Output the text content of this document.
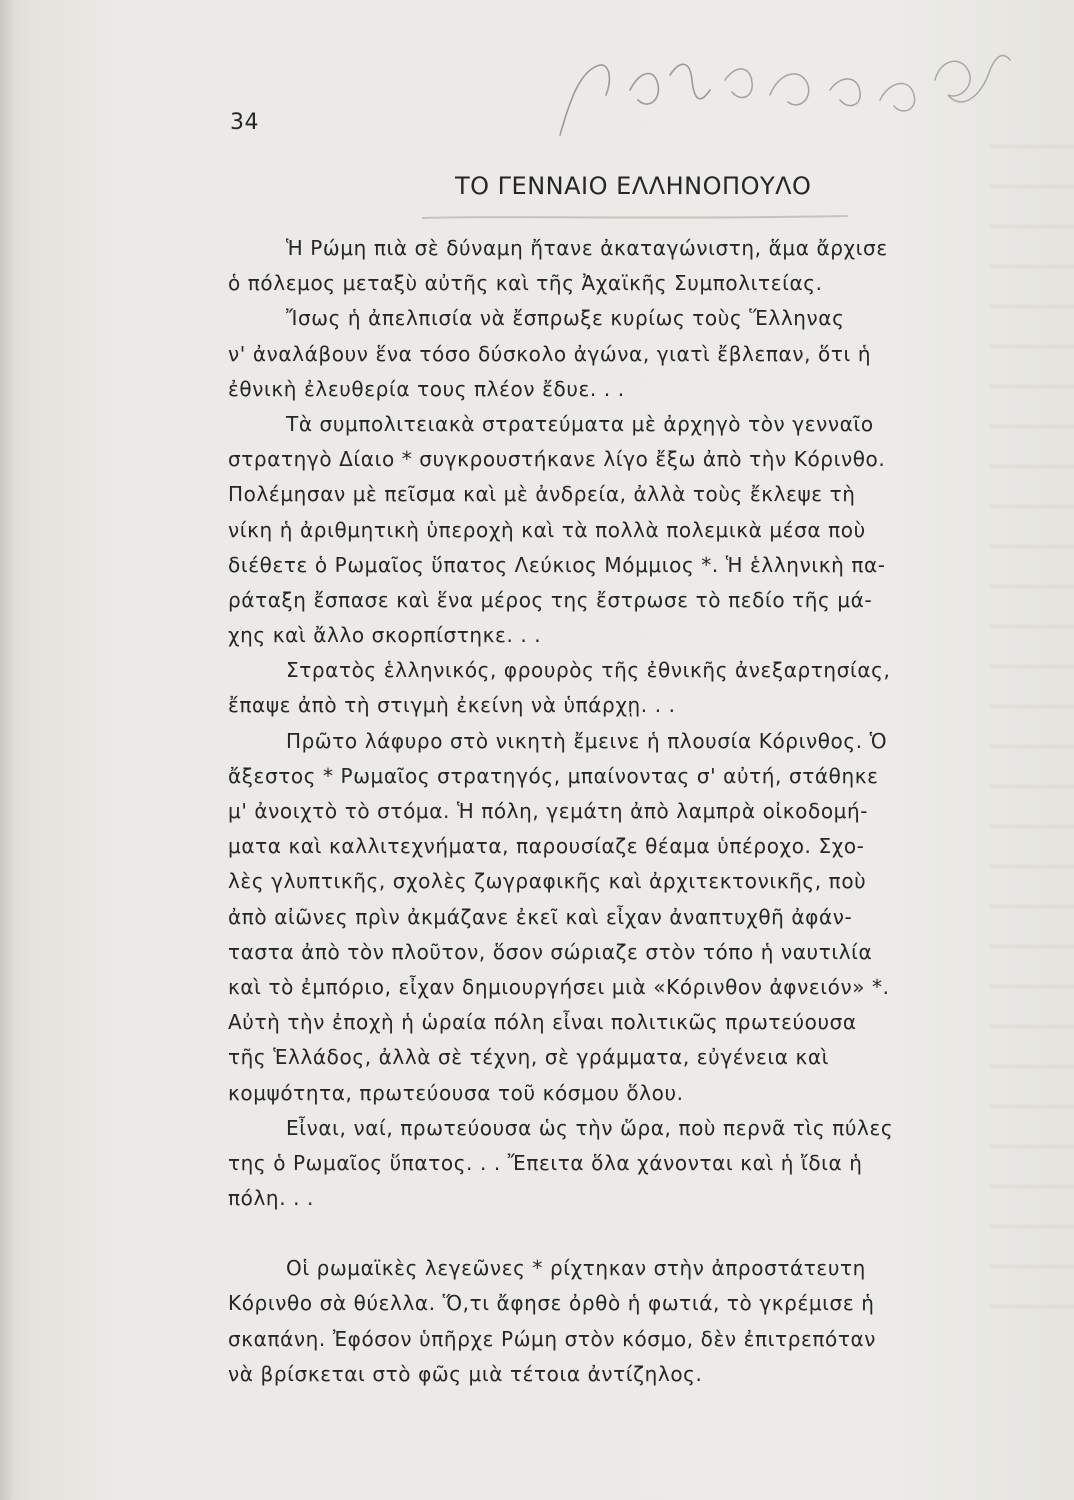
34
ΤΟ ΓΕΝΝΑΙΟ ΕΛΛΗΝΟΠΟΥΛΟ
Ἡ Ρώμη πιὰ σὲ δύναμη ἤτανε ἀκαταγώνιστη, ἅμα ἄρχισε
ὁ πόλεμος μεταξὺ αὐτῆς καὶ τῆς Ἀχαϊκῆς Συμπολιτείας.
Ἴσως ἡ ἀπελπισία νὰ ἔσπρωξε κυρίως τοὺς Ἕλληνας
ν' ἀναλάβουν ἕνα τόσο δύσκολο ἀγώνα, γιατὶ ἔβλεπαν, ὅτι ἡ
ἐθνικὴ ἐλευθερία τους πλέον ἔδυε. . .
Τὰ συμπολιτειακὰ στρατεύματα μὲ ἀρχηγὸ τὸν γενναῖο
στρατηγὸ Δίαιο * συγκρουστήκανε λίγο ἔξω ἀπὸ τὴν Κόρινθο.
Πολέμησαν μὲ πεῖσμα καὶ μὲ ἀνδρεία, ἀλλὰ τοὺς ἔκλεψε τὴ
νίκη ἡ ἀριθμητικὴ ὑπεροχὴ καὶ τὰ πολλὰ πολεμικὰ μέσα ποὺ
διέθετε ὁ Ρωμαῖος ὕπατος Λεύκιος Μόμμιος *. Ἡ ἑλληνικὴ πα-
ράταξη ἔσπασε καὶ ἕνα μέρος της ἔστρωσε τὸ πεδίο τῆς μά-
χης καὶ ἄλλο σκορπίστηκε. . .
Στρατὸς ἑλληνικός, φρουρὸς τῆς ἐθνικῆς ἀνεξαρτησίας,
ἔπαψε ἀπὸ τὴ στιγμὴ ἐκείνη νὰ ὑπάρχῃ. . .
Πρῶτο λάφυρο στὸ νικητὴ ἔμεινε ἡ πλουσία Κόρινθος. Ὁ
ἄξεστος * Ρωμαῖος στρατηγός, μπαίνοντας σ' αὐτή, στάθηκε
μ' ἀνοιχτὸ τὸ στόμα. Ἡ πόλη, γεμάτη ἀπὸ λαμπρὰ οἰκοδομή-
ματα καὶ καλλιτεχνήματα, παρουσίαζε θέαμα ὑπέροχο. Σχο-
λὲς γλυπτικῆς, σχολὲς ζωγραφικῆς καὶ ἀρχιτεκτονικῆς, ποὺ
ἀπὸ αἰῶνες πρὶν ἀκμάζανε ἐκεῖ καὶ εἶχαν ἀναπτυχθῆ ἀφάν-
ταστα ἀπὸ τὸν πλοῦτον, ὅσον σώριαζε στὸν τόπο ἡ ναυτιλία
καὶ τὸ ἐμπόριο, εἶχαν δημιουργήσει μιὰ «Κόρινθον ἀφνειόν» *.
Αὐτὴ τὴν ἐποχὴ ἡ ὡραία πόλη εἶναι πολιτικῶς πρωτεύουσα
τῆς Ἑλλάδος, ἀλλὰ σὲ τέχνη, σὲ γράμματα, εὐγένεια καὶ
κομψότητα, πρωτεύουσα τοῦ κόσμου ὅλου.
Εἶναι, ναί, πρωτεύουσα ὡς τὴν ὥρα, ποὺ περνᾶ τὶς πύλες
της ὁ Ρωμαῖος ὕπατος. . . Ἔπειτα ὅλα χάνονται καὶ ἡ ἴδια ἡ
πόλη. . .
Οἱ ρωμαϊκὲς λεγεῶνες * ρίχτηκαν στὴν ἀπροστάτευτη
Κόρινθο σὰ θύελλα. Ὅ,τι ἄφησε ὀρθὸ ἡ φωτιά, τὸ γκρέμισε ἡ
σκαπάνη. Ἐφόσον ὑπῆρχε Ρώμη στὸν κόσμο, δὲν ἐπιτρεπόταν
νὰ βρίσκεται στὸ φῶς μιὰ τέτοια ἀντίζηλος.
